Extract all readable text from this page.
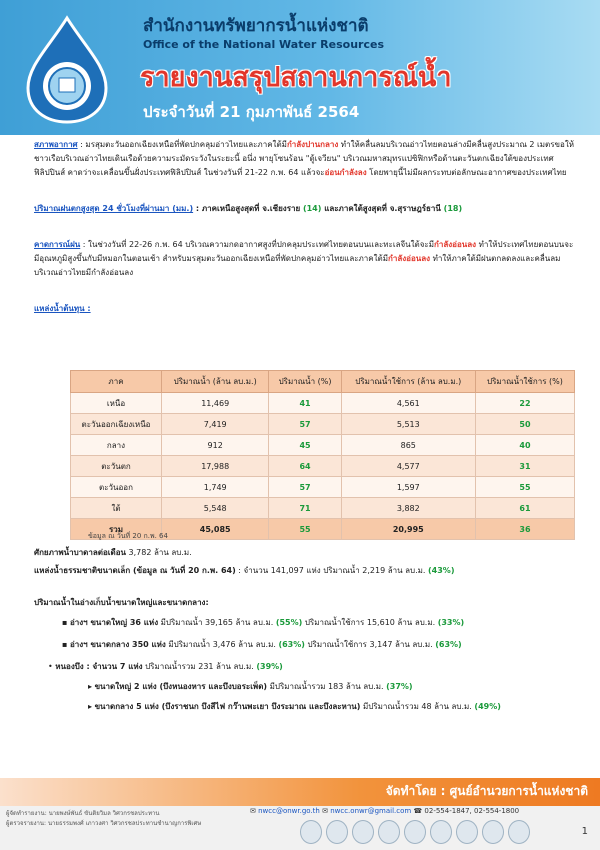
สำนักงานทรัพยากรน้ำแห่งชาติ
Office of the National Water Resources
รายงานสรุปสถานการณ์น้ำ
ประจำวันที่ 21 กุมภาพันธ์ 2564

สภาพอากาศ : มรสุมตะวันออกเฉียงเหนือที่พัดปกคลุมอ่าวไทยและภาคใต้มีกำลังปานกลาง ทำให้คลื่นลมบริเวณอ่าวไทยตอนล่างมีคลื่นสูงประมาณ 2 เมตรขอให้ชาวเรือบริเวณอ่าวไทยเดินเรือด้วยความระมัดระวังในระยะนี้ อนึ่ง พายุโซนร้อน "ดู้เจวียน" บริเวณมหาสมุทรแปซิฟิกหรือด้านตะวันตกเฉียงใต้ของประเทศฟิลิปปินส์ คาดว่าจะเคลื่อนขึ้นฝั่งประเทศฟิลิปปินส์ ในช่วงวันที่ 21-22 ก.พ. 64 แล้วจะอ่อนกำลังลง โดยพายุนี้ไม่มีผลกระทบต่อลักษณะอากาศของประเทศไทย

ปริมาณฝนตกสูงสุด 24 ชั่วโมงที่ผ่านมา (มม.) : ภาคเหนือสูงสุดที่ จ.เชียงราย (14) และภาคใต้สูงสุดที่ จ.สุราษฎร์ธานี (18)

คาดการณ์ฝน : ในช่วงวันที่ 22-26 ก.พ. 64 บริเวณความกดอากาศสูงที่ปกคลุมประเทศไทยตอนบนและทะเลจีนใต้จะมีกำลังอ่อนลง ทำให้ประเทศไทยตอนบนจะมีอุณหภูมิสูงขึ้นกับมีหมอกในตอนเช้า สำหรับมรสุมตะวันออกเฉียงเหนือที่พัดปกคลุมอ่าวไทยและภาคใต้มีกำลังอ่อนลง ทำให้ภาคใต้มีฝนตกลดลงและคลื่นลมบริเวณอ่าวไทยมีกำลังอ่อนลง

แหล่งน้ำต้นทุน :

ภาค	ปริมาณน้ำ (ล้าน ลบ.ม.)	ปริมาณน้ำ (%)	ปริมาณน้ำใช้การ (ล้าน ลบ.ม.)	ปริมาณน้ำใช้การ (%)
เหนือ	11,469	41	4,561	22
ตะวันออกเฉียงเหนือ	7,419	57	5,513	50
กลาง	912	45	865	40
ตะวันตก	17,988	64	4,577	31
ตะวันออก	1,749	57	1,597	55
ใต้	5,548	71	3,882	61
รวม	45,085	55	20,995	36
ข้อมูล ณ วันที่ 20 ก.พ. 64
ศักยภาพน้ำบาดาลต่อเดือน 3,782 ล้าน ลบ.ม.
แหล่งน้ำธรรมชาติขนาดเล็ก (ข้อมูล ณ วันที่ 20 ก.พ. 64) : จำนวน 141,097 แห่ง ปริมาณน้ำ 2,219 ล้าน ลบ.ม. (43%)
ปริมาณน้ำในอ่างเก็บน้ำขนาดใหญ่และขนาดกลาง:
▪ อ่างฯ ขนาดใหญ่ 36 แห่ง มีปริมาณน้ำ 39,165 ล้าน ลบ.ม. (55%) ปริมาณน้ำใช้การ 15,610 ล้าน ลบ.ม. (33%)
▪ อ่างฯ ขนาดกลาง 350 แห่ง มีปริมาณน้ำ 3,476 ล้าน ลบ.ม. (63%) ปริมาณน้ำใช้การ 3,147 ล้าน ลบ.ม. (63%)
• หนองบึง : จำนวน 7 แห่ง ปริมาณน้ำรวม 231 ล้าน ลบ.ม. (39%)
▸ ขนาดใหญ่ 2 แห่ง (บึงหนองหาร และบึงบอระเพ็ด) มีปริมาณน้ำรวม 183 ล้าน ลบ.ม. (37%)
▸ ขนาดกลาง 5 แห่ง (บึงราชนก บึงสีไฟ กว๊านพะเยา บึงระมาณ และบึงละหาน) มีปริมาณน้ำรวม 48 ล้าน ลบ.ม. (49%)
จัดทำโดย : ศูนย์อำนวยการน้ำแห่งชาติ
ผู้จัดทำรายงาน: นายพงษ์พันธ์ ขันติยวิมล วิศวกรชลประทาน
ผู้ตรวจรายงาน: นายธรรมพงศ์ เภาวงศา วิศวกรชลประทานชำนาญการพิเศษ
✉ nwcc@onwr.go.th ✉ nwcc.onwr@gmail.com ☎ 02-554-1847, 02-554-1800
1
